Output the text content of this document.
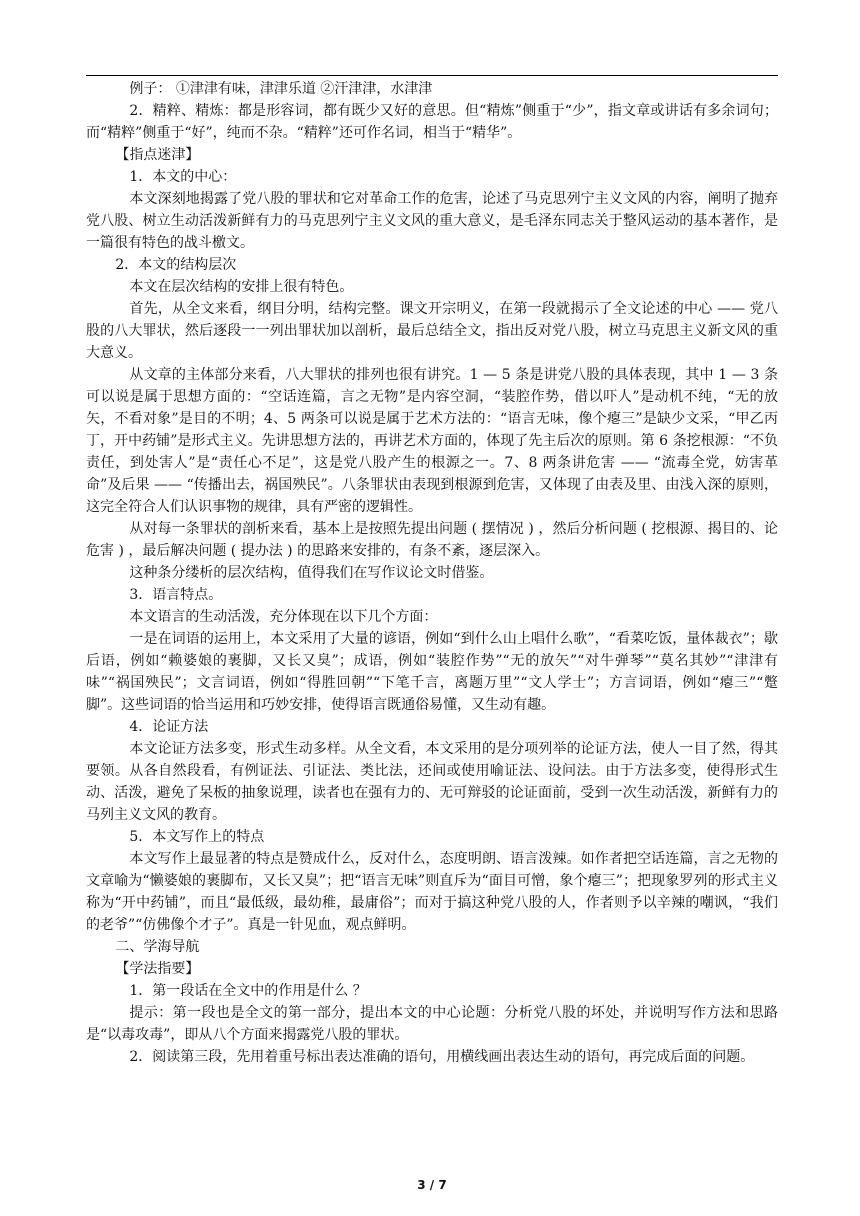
例子： ①津津有味，津津乐道 ②汗津津，水津津

2．精粹、精炼：都是形容词，都有既少又好的意思。但“精炼”侧重于“少”，指文章或讲话有多余词句；而“精粹”侧重于“好”，纯而不杂。“精粹”还可作名词，相当于“精华”。

【指点迷津】

1．本文的中心：

本文深刻地揭露了党八股的罪状和它对革命工作的危害，论述了马克思列宁主义文风的内容，阐明了抛弃党八股、树立生动活泼新鲜有力的马克思列宁主义文风的重大意义，是毛泽东同志关于整风运动的基本著作，是一篇很有特色的战斗檄文。

2．本文的结构层次

本文在层次结构的安排上很有特色。

首先，从全文来看，纲目分明，结构完整。课文开宗明义，在第一段就揭示了全文论述的中心 —— 党八股的八大罪状，然后逐段一一列出罪状加以剖析，最后总结全文，指出反对党八股，树立马克思主义新文风的重大意义。

从文章的主体部分来看，八大罪状的排列也很有讲究。1 — 5 条是讲党八股的具体表现，其中 1 — 3 条可以说是属于思想方面的：“空话连篇，言之无物”是内容空洞，“装腔作势，借以吓人”是动机不纯，“无的放矢，不看对象”是目的不明；4、5 两条可以说是属于艺术方法的：“语言无味，像个瘪三”是缺少文采，“甲乙丙丁，开中药铺”是形式主义。先讲思想方法的，再讲艺术方面的，体现了先主后次的原则。第 6 条挖根源：“不负责任，到处害人”是“责任心不足”，这是党八股产生的根源之一。7、8 两条讲危害 —— “流毒全党，妨害革命”及后果 —— “传播出去，祸国殃民”。八条罪状由表现到根源到危害，又体现了由表及里、由浅入深的原则，这完全符合人们认识事物的规律，具有严密的逻辑性。

从对每一条罪状的剖析来看，基本上是按照先提出问题 ( 摆情况 ) ，然后分析问题 ( 挖根源、揭目的、论危害 ) ，最后解决问题 ( 提办法 ) 的思路来安排的，有条不紊，逐层深入。

这种条分缕析的层次结构，值得我们在写作议论文时借鉴。

3．语言特点。

本文语言的生动活泼，充分体现在以下几个方面：

一是在词语的运用上，本文采用了大量的谚语，例如“到什么山上唱什么歌”，“看菜吃饭，量体裁衣”；歇后语，例如“赖婆娘的裹脚，又长又臭”；成语，例如“装腔作势”“无的放矢”“对牛弹琴”“莫名其妙”“津津有味”“祸国殃民”；文言词语，例如“得胜回朝”“下笔千言，离题万里”“文人学士”；方言词语，例如“瘪三”“蹩脚”。这些词语的恰当运用和巧妙安排，使得语言既通俗易懂，又生动有趣。

4．论证方法

本文论证方法多变，形式生动多样。从全文看，本文采用的是分项列举的论证方法，使人一目了然，得其要领。从各自然段看，有例证法、引证法、类比法，还间或使用喻证法、设问法。由于方法多变，使得形式生动、活泼，避免了呆板的抽象说理，读者也在强有力的、无可辩驳的论证面前，受到一次生动活泼，新鲜有力的马列主义文风的教育。

5．本文写作上的特点

本文写作上最显著的特点是赞成什么，反对什么，态度明朗、语言泼辣。如作者把空话连篇，言之无物的文章喻为“懒婆娘的裹脚布，又长又臭”；把“语言无味”则直斥为“面目可憎，象个瘪三”；把现象罗列的形式主义称为“开中药铺”，而且“最低级，最幼稚，最庸俗”；而对于搞这种党八股的人，作者则予以辛辣的嘲讽，“我们的老爷”“仿佛像个才子”。真是一针见血，观点鲜明。

二、学海导航

【学法指要】

1．第一段话在全文中的作用是什么 ？

提示：第一段也是全文的第一部分，提出本文的中心论题：分析党八股的坏处，并说明写作方法和思路是“以毒攻毒”，即从八个方面来揭露党八股的罪状。

2．阅读第三段，先用着重号标出表达准确的语句，用横线画出表达生动的语句，再完成后面的问题。

3 / 7
